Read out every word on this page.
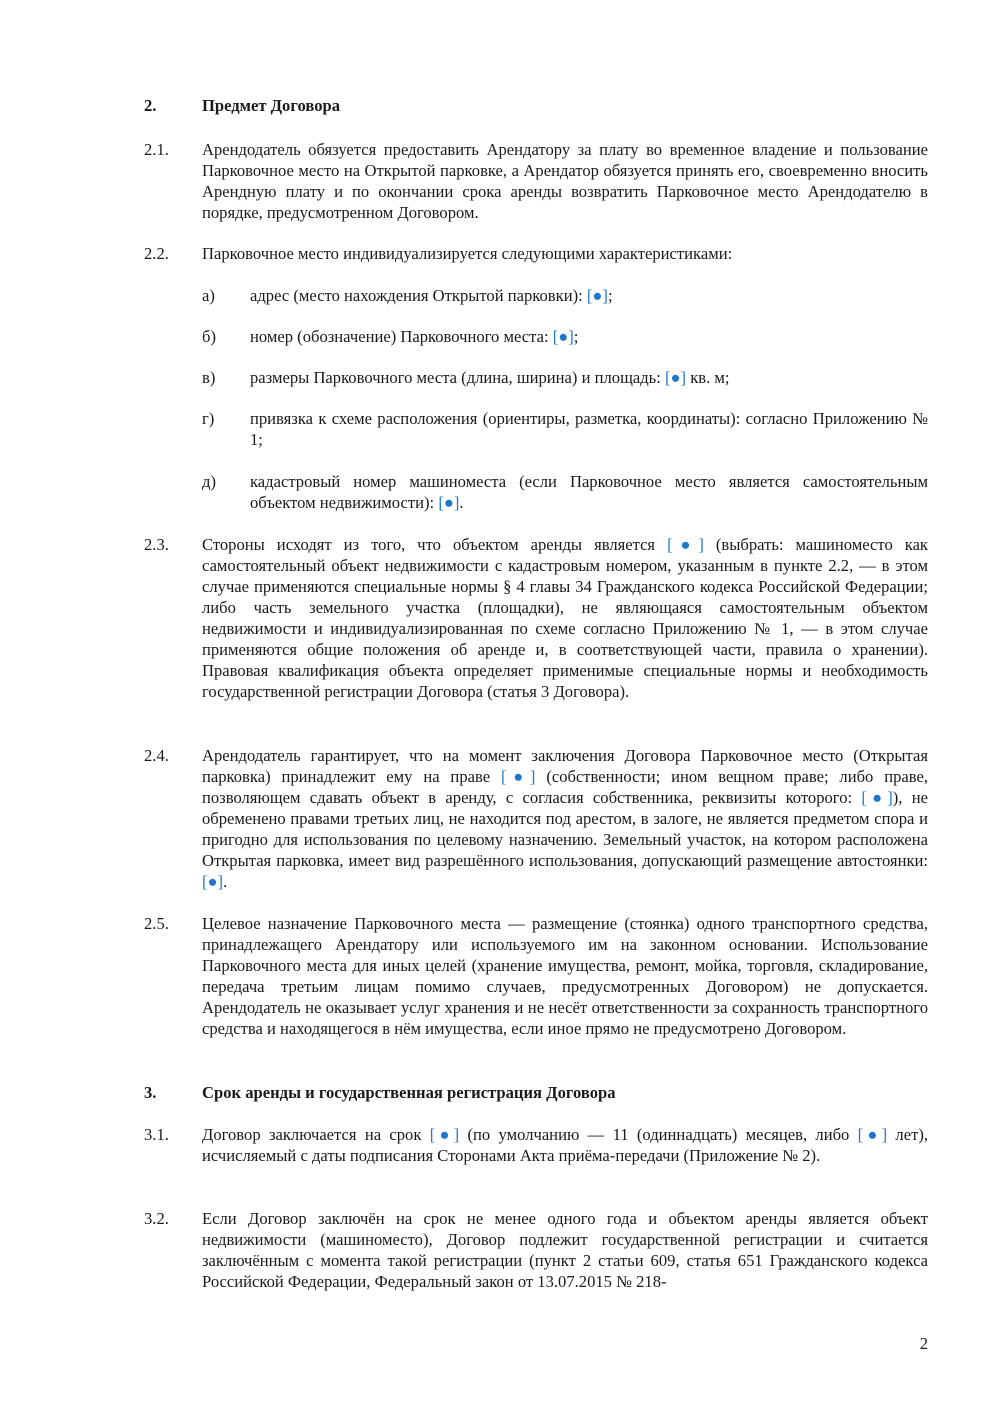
2.	Предмет Договора
2.1. Арендодатель обязуется предоставить Арендатору за плату во временное владение и пользование Парковочное место на Открытой парковке, а Арендатор обязуется принять его, своевременно вносить Арендную плату и по окончании срока аренды возвратить Парковочное место Арендодателю в порядке, предусмотренном Договором.
2.2. Парковочное место индивидуализируется следующими характеристиками:
а) адрес (место нахождения Открытой парковки): [●];
б) номер (обозначение) Парковочного места: [●];
в) размеры Парковочного места (длина, ширина) и площадь: [●] кв. м;
г) привязка к схеме расположения (ориентиры, разметка, координаты): согласно Приложению № 1;
д) кадастровый номер машиноместа (если Парковочное место является самостоятельным объектом недвижимости): [●].
2.3. Стороны исходят из того, что объектом аренды является [●] (выбрать: машиноместо как самостоятельный объект недвижимости с кадастровым номером, указанным в пункте 2.2, — в этом случае применяются специальные нормы § 4 главы 34 Гражданского кодекса Российской Федерации; либо часть земельного участка (площадки), не являющаяся самостоятельным объектом недвижимости и индивидуализированная по схеме согласно Приложению № 1, — в этом случае применяются общие положения об аренде и, в соответствующей части, правила о хранении). Правовая квалификация объекта определяет применимые специальные нормы и необходимость государственной регистрации Договора (статья 3 Договора).
2.4. Арендодатель гарантирует, что на момент заключения Договора Парковочное место (Открытая парковка) принадлежит ему на праве [●] (собственности; ином вещном праве; либо праве, позволяющем сдавать объект в аренду, с согласия собственника, реквизиты которого: [●]), не обременено правами третьих лиц, не находится под арестом, в залоге, не является предметом спора и пригодно для использования по целевому назначению. Земельный участок, на котором расположена Открытая парковка, имеет вид разрешённого использования, допускающий размещение автостоянки: [●].
2.5. Целевое назначение Парковочного места — размещение (стоянка) одного транспортного средства, принадлежащего Арендатору или используемого им на законном основании. Использование Парковочного места для иных целей (хранение имущества, ремонт, мойка, торговля, складирование, передача третьим лицам помимо случаев, предусмотренных Договором) не допускается. Арендодатель не оказывает услуг хранения и не несёт ответственности за сохранность транспортного средства и находящегося в нём имущества, если иное прямо не предусмотрено Договором.
3.	Срок аренды и государственная регистрация Договора
3.1. Договор заключается на срок [●] (по умолчанию — 11 (одиннадцать) месяцев, либо [●] лет), исчисляемый с даты подписания Сторонами Акта приёма-передачи (Приложение № 2).
3.2. Если Договор заключён на срок не менее одного года и объектом аренды является объект недвижимости (машиноместо), Договор подлежит государственной регистрации и считается заключённым с момента такой регистрации (пункт 2 статьи 609, статья 651 Гражданского кодекса Российской Федерации, Федеральный закон от 13.07.2015 № 218-
2
